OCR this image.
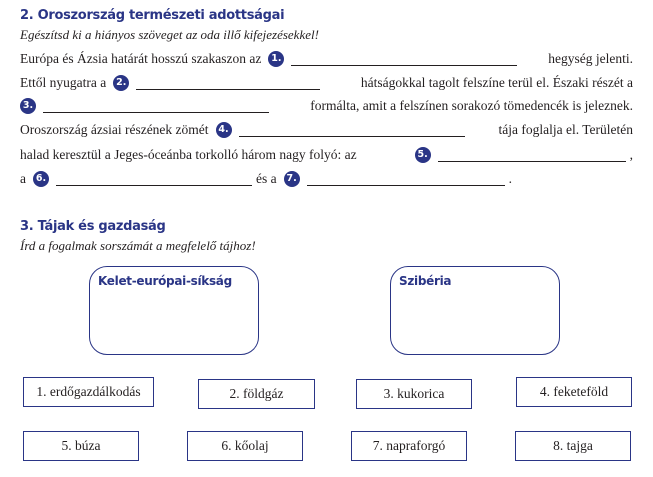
2. Oroszország természeti adottságai
Egészítsd ki a hiányos szöveget az oda illő kifejezésekkel!
Európa és Ázsia határát hosszú szakaszon az	1.	hegység jelenti.
Ettől nyugatra a	2.	hátságokkal tagolt felszíne terül el. Északi részét a
3.	formálta, amit a felszínen sorakozó tömedencék is jeleznek.
Oroszország ázsiai részének zömét	4.	tája foglalja el. Területén
halad keresztül a Jeges-óceánba torkolló három nagy folyó: az	5.	,
a	6.	és a	7.	.
3. Tájak és gazdaság
Írd a fogalmak sorszámát a megfelelő tájhoz!
Kelet-európai-síkság	Szibéria
1. erdőgazdálkodás	2. földgáz	3. kukorica	4. feketeföld
5. búza	6. kőolaj	7. napraforgó	8. tajga
